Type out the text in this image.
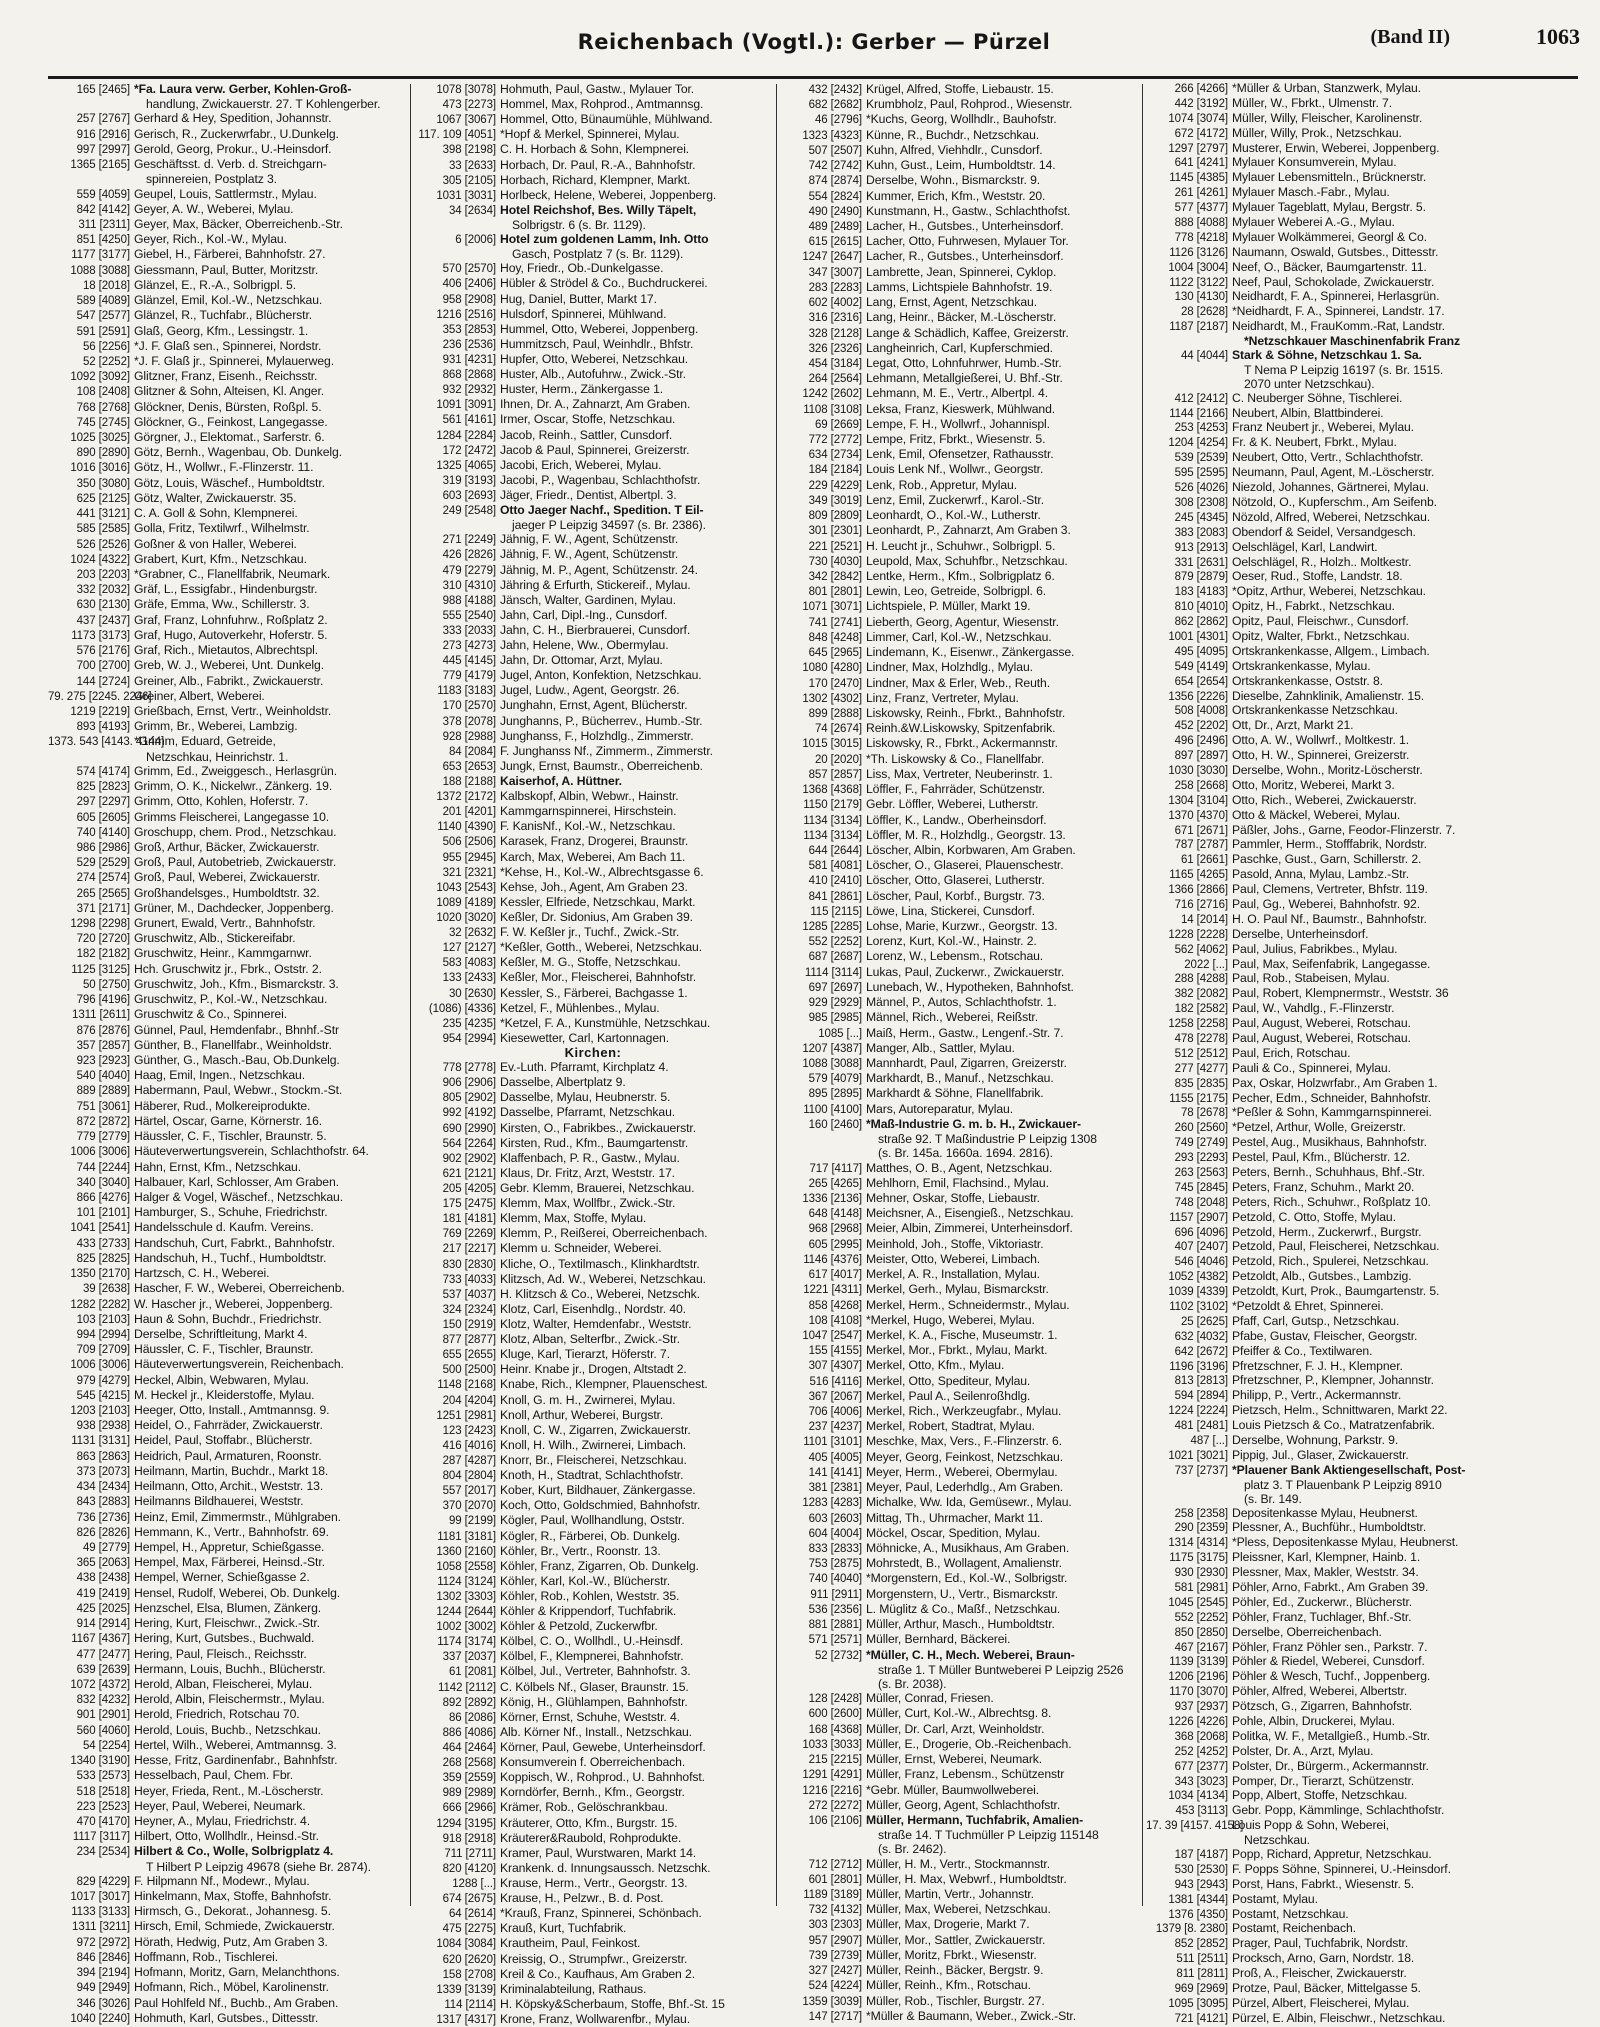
Reichenbach (Vogtl.): Gerber — Pürzel	(Band II)	1063
165 [2465] *Fa. Laura verw. Gerber, Kohlen-Groß-
handlung, Zwickauerstr. 27. T Kohlengerber.
257 [2767] Gerhard & Hey, Spedition, Johannstr.
916 [2916] Gerisch, R., Zuckerwrfabr., U.Dunkelg.
997 [2997] Gerold, Georg, Prokur., U.-Heinsdorf.
1365 [2165] Geschäftsst. d. Verb. d. Streichgarn-
spinnereien, Postplatz 3.
559 [4059] Geupel, Louis, Sattlermstr., Mylau.
842 [4142] Geyer, A. W., Weberei, Mylau.
311 [2311] Geyer, Max, Bäcker, Oberreichenb.-Str.
851 [4250] Geyer, Rich., Kol.-W., Mylau.
1177 [3177] Giebel, H., Färberei, Bahnhofstr. 27.
1088 [3088] Giessmann, Paul, Butter, Moritzstr.
18 [2018] Glänzel, E., R.-A., Solbrigpl. 5.
589 [4089] Glänzel, Emil, Kol.-W., Netzschkau.
547 [2577] Glänzel, R., Tuchfabr., Blücherstr.
591 [2591] Glaß, Georg, Kfm., Lessingstr. 1.
56 [2256] *J. F. Glaß sen., Spinnerei, Nordstr.
52 [2252] *J. F. Glaß jr., Spinnerei, Mylauerweg.
1092 [3092] Glitzner, Franz, Eisenh., Reichsstr.
108 [2408] Glitzner & Sohn, Alteisen, Kl. Anger.
768 [2768] Glöckner, Denis, Bürsten, Roßpl. 5.
745 [2745] Glöckner, G., Feinkost, Langegasse.
1025 [3025] Görgner, J., Elektomat., Sarferstr. 6.
890 [2890] Götz, Bernh., Wagenbau, Ob. Dunkelg.
1016 [3016] Götz, H., Wollwr., F.-Flinzerstr. 11.
350 [3080] Götz, Louis, Wäschef., Humboldtstr.
625 [2125] Götz, Walter, Zwickauerstr. 35.
441 [3121] C. A. Goll & Sohn, Klempnerei.
585 [2585] Golla, Fritz, Textilwrf., Wilhelmstr.
526 [2526] Goßner & von Haller, Weberei.
1024 [4322] Grabert, Kurt, Kfm., Netzschkau.
203 [2203] *Grabner, C., Flanellfabrik, Neumark.
332 [2032] Gräf, L., Essigfabr., Hindenburgstr.
630 [2130] Gräfe, Emma, Ww., Schillerstr. 3.
437 [2437] Graf, Franz, Lohnfuhrw., Roßplatz 2.
1173 [3173] Graf, Hugo, Autoverkehr, Hoferstr. 5.
576 [2176] Graf, Rich., Mietautos, Albrechtspl.
700 [2700] Greb, W. J., Weberei, Unt. Dunkelg.
144 [2724] Greiner, Alb., Fabrikt., Zwickauerstr.
79. 275 [2245. 2246]Greiner, Albert, Weberei.
1219 [2219] Grießbach, Ernst, Vertr., Weinholdstr.
893 [4193] Grimm, Br., Weberei, Lambzig.
1373. 543 [4143. 4144]*Grimm, Eduard, Getreide,
Netzschkau, Heinrichstr. 1.
574 [4174] Grimm, Ed., Zweiggesch., Herlasgrün.
825 [2823] Grimm, O. K., Nickelwr., Zänkerg. 19.
297 [2297] Grimm, Otto, Kohlen, Hoferstr. 7.
605 [2605] Grimms Fleischerei, Langegasse 10.
740 [4140] Groschupp, chem. Prod., Netzschkau.
986 [2986] Groß, Arthur, Bäcker, Zwickauerstr.
529 [2529] Groß, Paul, Autobetrieb, Zwickauerstr.
274 [2574] Groß, Paul, Weberei, Zwickauerstr.
265 [2565] Großhandelsges., Humboldtstr. 32.
371 [2171] Grüner, M., Dachdecker, Joppenberg.
1298 [2298] Grunert, Ewald, Vertr., Bahnhofstr.
720 [2720] Gruschwitz, Alb., Stickereifabr.
182 [2182] Gruschwitz, Heinr., Kammgarnwr.
1125 [3125] Hch. Gruschwitz jr., Fbrk., Oststr. 2.
50 [2750] Gruschwitz, Joh., Kfm., Bismarckstr. 3.
796 [4196] Gruschwitz, P., Kol.-W., Netzschkau.
1311 [2611] Gruschwitz & Co., Spinnerei.
876 [2876] Günnel, Paul, Hemdenfabr., Bhnhf.-Str
357 [2857] Günther, B., Flanellfabr., Weinholdstr.
923 [2923] Günther, G., Masch.-Bau, Ob.Dunkelg.
540 [4040] Haag, Emil, Ingen., Netzschkau.
889 [2889] Habermann, Paul, Webwr., Stockm.-St.
751 [3061] Häberer, Rud., Molkereiprodukte.
872 [2872] Härtel, Oscar, Garne, Körnerstr. 16.
779 [2779] Häussler, C. F., Tischler, Braunstr. 5.
1006 [3006] Häuteverwertungsverein, Schlachthofstr. 64.
744 [2244] Hahn, Ernst, Kfm., Netzschkau.
340 [3040] Halbauer, Karl, Schlosser, Am Graben.
866 [4276] Halger & Vogel, Wäschef., Netzschkau.
101 [2101] Hamburger, S., Schuhe, Friedrichstr.
1041 [2541] Handelsschule d. Kaufm. Vereins.
433 [2733] Handschuh, Curt, Fabrkt., Bahnhofstr.
825 [2825] Handschuh, H., Tuchf., Humboldtstr.
1350 [2170] Hartzsch, C. H., Weberei.
39 [2638] Hascher, F. W., Weberei, Oberreichenb.
1282 [2282] W. Hascher jr., Weberei, Joppenberg.
103 [2103] Haun & Sohn, Buchdr., Friedrichstr.
994 [2994] Derselbe, Schriftleitung, Markt 4.
709 [2709] Häussler, C. F., Tischler, Braunstr.
1006 [3006] Häuteverwertungsverein, Reichenbach.
979 [4279] Heckel, Albin, Webwaren, Mylau.
545 [4215] M. Heckel jr., Kleiderstoffe, Mylau.
1203 [2103] Heeger, Otto, Install., Amtmannsg. 9.
938 [2938] Heidel, O., Fahrräder, Zwickauerstr.
1131 [3131] Heidel, Paul, Stoffabr., Blücherstr.
863 [2863] Heidrich, Paul, Armaturen, Roonstr.
373 [2073] Heilmann, Martin, Buchdr., Markt 18.
434 [2434] Heilmann, Otto, Archit., Weststr. 13.
843 [2883] Heilmanns Bildhauerei, Weststr.
736 [2736] Heinz, Emil, Zimmermstr., Mühlgraben.
826 [2826] Hemmann, K., Vertr., Bahnhofstr. 69.
49 [2779] Hempel, H., Appretur, Schießgasse.
365 [2063] Hempel, Max, Färberei, Heinsd.-Str.
438 [2438] Hempel, Werner, Schießgasse 2.
419 [2419] Hensel, Rudolf, Weberei, Ob. Dunkelg.
425 [2025] Henzschel, Elsa, Blumen, Zänkerg.
914 [2914] Hering, Kurt, Fleischwr., Zwick.-Str.
1167 [4367] Hering, Kurt, Gutsbes., Buchwald.
477 [2477] Hering, Paul, Fleisch., Reichsstr.
639 [2639] Hermann, Louis, Buchh., Blücherstr.
1072 [4372] Herold, Alban, Fleischerei, Mylau.
832 [4232] Herold, Albin, Fleischermstr., Mylau.
901 [2901] Herold, Friedrich, Rotschau 70.
560 [4060] Herold, Louis, Buchb., Netzschkau.
54 [2254] Hertel, Wilh., Weberei, Amtmannsg. 3.
1340 [3190] Hesse, Fritz, Gardinenfabr., Bahnhfstr.
533 [2573] Hesselbach, Paul, Chem. Fbr.
518 [2518] Heyer, Frieda, Rent., M.-Löscherstr.
223 [2523] Heyer, Paul, Weberei, Neumark.
470 [4170] Heyner, A., Mylau, Friedrichstr. 4.
1117 [3117] Hilbert, Otto, Wollhdlr., Heinsd.-Str.
234 [2534] Hilbert & Co., Wolle, Solbrigplatz 4.
T Hilbert P Leipzig 49678 (siehe Br. 2874).
829 [4229] F. Hilpmann Nf., Modewr., Mylau.
1017 [3017] Hinkelmann, Max, Stoffe, Bahnhofstr.
1133 [3133] Hirmsch, G., Dekorat., Johannesg. 5.
1311 [3211] Hirsch, Emil, Schmiede, Zwickauerstr.
972 [2972] Hörath, Hedwig, Putz, Am Graben 3.
846 [2846] Hoffmann, Rob., Tischlerei.
394 [2194] Hofmann, Moritz, Garn, Melanchthons.
949 [2949] Hofmann, Rich., Möbel, Karolinenstr.
346 [3026] Paul Hohlfeld Nf., Buchb., Am Graben.
1040 [2240] Hohmuth, Karl, Gutsbes., Dittesstr.
1078 [3078] Hohmuth, Paul, Gastw., Mylauer Tor.
473 [2273] Hommel, Max, Rohprod., Amtmannsg.
1067 [3067] Hommel, Otto, Bünaumühle, Mühlwand.
117. 109 [4051] *Hopf & Merkel, Spinnerei, Mylau.
398 [2198] C. H. Horbach & Sohn, Klempnerei.
33 [2633] Horbach, Dr. Paul, R.-A., Bahnhofstr.
305 [2105] Horbach, Richard, Klempner, Markt.
1031 [3031] Horlbeck, Helene, Weberei, Joppenberg.
34 [2634] Hotel Reichshof, Bes. Willy Täpelt,
Solbrigstr. 6 (s. Br. 1129).
6 [2006] Hotel zum goldenen Lamm, Inh. Otto
Gasch, Postplatz 7 (s. Br. 1129).
570 [2570] Hoy, Friedr., Ob.-Dunkelgasse.
406 [2406] Hübler & Strödel & Co., Buchdruckerei.
958 [2908] Hug, Daniel, Butter, Markt 17.
1216 [2516] Hulsdorf, Spinnerei, Mühlwand.
353 [2853] Hummel, Otto, Weberei, Joppenberg.
236 [2536] Hummitzsch, Paul, Weinhdlr., Bhfstr.
931 [4231] Hupfer, Otto, Weberei, Netzschkau.
868 [2868] Huster, Alb., Autofuhrw., Zwick.-Str.
932 [2932] Huster, Herm., Zänkergasse 1.
1091 [3091] Ihnen, Dr. A., Zahnarzt, Am Graben.
561 [4161] Irmer, Oscar, Stoffe, Netzschkau.
1284 [2284] Jacob, Reinh., Sattler, Cunsdorf.
172 [2472] Jacob & Paul, Spinnerei, Greizerstr.
1325 [4065] Jacobi, Erich, Weberei, Mylau.
319 [3193] Jacobi, P., Wagenbau, Schlachthofstr.
603 [2693] Jäger, Friedr., Dentist, Albertpl. 3.
249 [2548] Otto Jaeger Nachf., Spedition. T Eil-
jaeger P Leipzig 34597 (s. Br. 2386).
271 [2249] Jähnig, F. W., Agent, Schützenstr.
426 [2826] Jähnig, F. W., Agent, Schützenstr.
479 [2279] Jähnig, M. P., Agent, Schützenstr. 24.
310 [4310] Jähring & Erfurth, Stickereif., Mylau.
988 [4188] Jänsch, Walter, Gardinen, Mylau.
555 [2540] Jahn, Carl, Dipl.-Ing., Cunsdorf.
333 [2033] Jahn, C. H., Bierbrauerei, Cunsdorf.
273 [4273] Jahn, Helene, Ww., Obermylau.
445 [4145] Jahn, Dr. Ottomar, Arzt, Mylau.
779 [4179] Jugel, Anton, Konfektion, Netzschkau.
1183 [3183] Jugel, Ludw., Agent, Georgstr. 26.
170 [2570] Junghahn, Ernst, Agent, Blücherstr.
378 [2078] Junghanns, P., Bücherrev., Humb.-Str.
928 [2988] Junghanss, F., Holzhdlg., Zimmerstr.
84 [2084] F. Junghanss Nf., Zimmerm., Zimmerstr.
653 [2653] Jungk, Ernst, Baumstr., Oberreichenb.
188 [2188] Kaiserhof, A. Hüttner.
1372 [2172] Kalbskopf, Albin, Webwr., Hainstr.
201 [4201] Kammgarnspinnerei, Hirschstein.
1140 [4390] F. KanisNf., Kol.-W., Netzschkau.
506 [2506] Karasek, Franz, Drogerei, Braunstr.
955 [2945] Karch, Max, Weberei, Am Bach 11.
321 [2321] *Kehse, H., Kol.-W., Albrechtsgasse 6.
1043 [2543] Kehse, Joh., Agent, Am Graben 23.
1089 [4189] Kessler, Elfriede, Netzschkau, Markt.
1020 [3020] Keßler, Dr. Sidonius, Am Graben 39.
32 [2632] F. W. Keßler jr., Tuchf., Zwick.-Str.
127 [2127] *Keßler, Gotth., Weberei, Netzschkau.
583 [4083] Keßler, M. G., Stoffe, Netzschkau.
133 [2433] Keßler, Mor., Fleischerei, Bahnhofstr.
30 [2630] Kessler, S., Färberei, Bachgasse 1.
(1086) [4336] Ketzel, F., Mühlenbes., Mylau.
235 [4235] *Ketzel, F. A., Kunstmühle, Netzschkau.
954 [2994] Kiesewetter, Carl, Kartonnagen.
Kirchen:
778 [2778] Ev.-Luth. Pfarramt, Kirchplatz 4.
906 [2906] Dasselbe, Albertplatz 9.
805 [2902] Dasselbe, Mylau, Heubnerstr. 5.
992 [4192] Dasselbe, Pfarramt, Netzschkau.
690 [2990] Kirsten, O., Fabrikbes., Zwickauerstr.
564 [2264] Kirsten, Rud., Kfm., Baumgartenstr.
902 [2902] Klaffenbach, P. R., Gastw., Mylau.
621 [2121] Klaus, Dr. Fritz, Arzt, Weststr. 17.
205 [4205] Gebr. Klemm, Brauerei, Netzschkau.
175 [2475] Klemm, Max, Wollfbr., Zwick.-Str.
181 [4181] Klemm, Max, Stoffe, Mylau.
769 [2269] Klemm, P., Reißerei, Oberreichenbach.
217 [2217] Klemm u. Schneider, Weberei.
830 [2830] Kliche, O., Textilmasch., Klinkhardtstr.
733 [4033] Klitzsch, Ad. W., Weberei, Netzschkau.
537 [4037] H. Klitzsch & Co., Weberei, Netzschk.
324 [2324] Klotz, Carl, Eisenhdlg., Nordstr. 40.
150 [2919] Klotz, Walter, Hemdenfabr., Weststr.
877 [2877] Klotz, Alban, Selterfbr., Zwick.-Str.
655 [2655] Kluge, Karl, Tierarzt, Höferstr. 7.
500 [2500] Heinr. Knabe jr., Drogen, Altstadt 2.
1148 [2168] Knabe, Rich., Klempner, Plauenschest.
204 [4204] Knoll, G. m. H., Zwirnerei, Mylau.
1251 [2981] Knoll, Arthur, Weberei, Burgstr.
123 [2423] Knoll, C. W., Zigarren, Zwickauerstr.
416 [4016] Knoll, H. Wilh., Zwirnerei, Limbach.
287 [4287] Knorr, Br., Fleischerei, Netzschkau.
804 [2804] Knoth, H., Stadtrat, Schlachthofstr.
557 [2017] Kober, Kurt, Bildhauer, Zänkergasse.
370 [2070] Koch, Otto, Goldschmied, Bahnhofstr.
99 [2199] Kögler, Paul, Wollhandlung, Oststr.
1181 [3181] Kögler, R., Färberei, Ob. Dunkelg.
1360 [2160] Köhler, Br., Vertr., Roonstr. 13.
1058 [2558] Köhler, Franz, Zigarren, Ob. Dunkelg.
1124 [3124] Köhler, Karl, Kol.-W., Blücherstr.
1302 [3303] Köhler, Rob., Kohlen, Weststr. 35.
1244 [2644] Köhler & Krippendorf, Tuchfabrik.
1002 [3002] Köhler & Petzold, Zuckerwfbr.
1174 [3174] Kölbel, C. O., Wollhdl., U.-Heinsdf.
337 [2037] Kölbel, F., Klempnerei, Bahnhofstr.
61 [2081] Kölbel, Jul., Vertreter, Bahnhofstr. 3.
1142 [2112] C. Kölbels Nf., Glaser, Braunstr. 15.
892 [2892] König, H., Glühlampen, Bahnhofstr.
86 [2086] Körner, Ernst, Schuhe, Weststr. 4.
886 [4086] Alb. Körner Nf., Install., Netzschkau.
464 [2464] Körner, Paul, Gewebe, Unterheinsdorf.
268 [2568] Konsumverein f. Oberreichenbach.
359 [2559] Koppisch, W., Rohprod., U. Bahnhofst.
989 [2989] Korndörfer, Bernh., Kfm., Georgstr.
666 [2966] Krämer, Rob., Gelöschrankbau.
1294 [3195] Kräuterer, Otto, Kfm., Burgstr. 15.
918 [2918] Kräuterer&Raubold, Rohprodukte.
711 [2711] Kramer, Paul, Wurstwaren, Markt 14.
820 [4120] Krankenk. d. Innungsaussch. Netzschk.
1288 [...] Krause, Herm., Vertr., Georgstr. 13.
674 [2675] Krause, H., Pelzwr., B. d. Post.
64 [2614] *Krauß, Franz, Spinnerei, Schönbach.
475 [2275] Krauß, Kurt, Tuchfabrik.
1084 [3084] Krautheim, Paul, Feinkost.
620 [2620] Kreissig, O., Strumpfwr., Greizerstr.
158 [2708] Kreil & Co., Kaufhaus, Am Graben 2.
1339 [3139] Kriminalabteilung, Rathaus.
114 [2114] H. Köpsky&Scherbaum, Stoffe, Bhf.-St. 15
1317 [4317] Krone, Franz, Wollwarenfbr., Mylau.
432 [2432] Krügel, Alfred, Stoffe, Liebaustr. 15.
682 [2682] Krumbholz, Paul, Rohprod., Wiesenstr.
46 [2796] *Kuchs, Georg, Wollhdlr., Bauhofstr.
1323 [4323] Künne, R., Buchdr., Netzschkau.
507 [2507] Kuhn, Alfred, Viehhdlr., Cunsdorf.
742 [2742] Kuhn, Gust., Leim, Humboldtstr. 14.
874 [2874] Derselbe, Wohn., Bismarckstr. 9.
554 [2824] Kummer, Erich, Kfm., Weststr. 20.
490 [2490] Kunstmann, H., Gastw., Schlachthofst.
489 [2489] Lacher, H., Gutsbes., Unterheinsdorf.
615 [2615] Lacher, Otto, Fuhrwesen, Mylauer Tor.
1247 [2647] Lacher, R., Gutsbes., Unterheinsdorf.
347 [3007] Lambrette, Jean, Spinnerei, Cyklop.
283 [2283] Lamms, Lichtspiele Bahnhofstr. 19.
602 [4002] Lang, Ernst, Agent, Netzschkau.
316 [2316] Lang, Heinr., Bäcker, M.-Löscherstr.
328 [2128] Lange & Schädlich, Kaffee, Greizerstr.
326 [2326] Langheinrich, Carl, Kupferschmied.
454 [3184] Legat, Otto, Lohnfuhrwer, Humb.-Str.
264 [2564] Lehmann, Metallgießerei, U. Bhf.-Str.
1242 [2602] Lehmann, M. E., Vertr., Albertpl. 4.
1108 [3108] Leksa, Franz, Kieswerk, Mühlwand.
69 [2669] Lempe, F. H., Wollwrf., Johannispl.
772 [2772] Lempe, Fritz, Fbrkt., Wiesenstr. 5.
634 [2734] Lenk, Emil, Ofensetzer, Rathausstr.
184 [2184] Louis Lenk Nf., Wollwr., Georgstr.
229 [4229] Lenk, Rob., Appretur, Mylau.
349 [3019] Lenz, Emil, Zuckerwrf., Karol.-Str.
809 [2809] Leonhardt, O., Kol.-W., Lutherstr.
301 [2301] Leonhardt, P., Zahnarzt, Am Graben 3.
221 [2521] H. Leucht jr., Schuhwr., Solbrigpl. 5.
730 [4030] Leupold, Max, Schuhfbr., Netzschkau.
342 [2842] Lentke, Herm., Kfm., Solbrigplatz 6.
801 [2801] Lewin, Leo, Getreide, Solbrigpl. 6.
1071 [3071] Lichtspiele, P. Müller, Markt 19.
741 [2741] Lieberth, Georg, Agentur, Wiesenstr.
848 [4248] Limmer, Carl, Kol.-W., Netzschkau.
645 [2965] Lindemann, K., Eisenwr., Zänkergasse.
1080 [4280] Lindner, Max, Holzhdlg., Mylau.
170 [2470] Lindner, Max & Erler, Web., Reuth.
1302 [4302] Linz, Franz, Vertreter, Mylau.
899 [2888] Liskowsky, Reinh., Fbrkt., Bahnhofstr.
74 [2674] Reinh.&W.Liskowsky, Spitzenfabrik.
1015 [3015] Liskowsky, R., Fbrkt., Ackermannstr.
20 [2020] *Th. Liskowsky & Co., Flanellfabr.
857 [2857] Liss, Max, Vertreter, Neuberinstr. 1.
1368 [4368] Löffler, F., Fahrräder, Schützenstr.
1150 [2179] Gebr. Löffler, Weberei, Lutherstr.
1134 [3134] Löffler, K., Landw., Oberheinsdorf.
1134 [3134] Löffler, M. R., Holzhdlg., Georgstr. 13.
644 [2644] Löscher, Albin, Korbwaren, Am Graben.
581 [4081] Löscher, O., Glaserei, Plauenschestr.
410 [2410] Löscher, Otto, Glaserei, Lutherstr.
841 [2861] Löscher, Paul, Korbf., Burgstr. 73.
115 [2115] Löwe, Lina, Stickerei, Cunsdorf.
1285 [2285] Lohse, Marie, Kurzwr., Georgstr. 13.
552 [2252] Lorenz, Kurt, Kol.-W., Hainstr. 2.
687 [2687] Lorenz, W., Lebensm., Rotschau.
1114 [3114] Lukas, Paul, Zuckerwr., Zwickauerstr.
697 [2697] Lunebach, W., Hypotheken, Bahnhofst.
929 [2929] Männel, P., Autos, Schlachthofstr. 1.
985 [2985] Männel, Rich., Weberei, Reißstr.
1085 [...] Maiß, Herm., Gastw., Lengenf.-Str. 7.
1207 [4387] Manger, Alb., Sattler, Mylau.
1088 [3088] Mannhardt, Paul, Zigarren, Greizerstr.
579 [4079] Markhardt, B., Manuf., Netzschkau.
895 [2895] Markhardt & Söhne, Flanellfabrik.
1100 [4100] Mars, Autoreparatur, Mylau.
160 [2460] *Maß-Industrie G. m. b. H., Zwickauer-
straße 92. T Maßindustrie P Leipzig 1308
(s. Br. 145a. 1660a. 1694. 2816).
717 [4117] Matthes, O. B., Agent, Netzschkau.
265 [4265] Mehlhorn, Emil, Flachsind., Mylau.
1336 [2136] Mehner, Oskar, Stoffe, Liebaustr.
648 [4148] Meichsner, A., Eisengieß., Netzschkau.
968 [2968] Meier, Albin, Zimmerei, Unterheinsdorf.
605 [2995] Meinhold, Joh., Stoffe, Viktoriastr.
1146 [4376] Meister, Otto, Weberei, Limbach.
617 [4017] Merkel, A. R., Installation, Mylau.
1221 [4311] Merkel, Gerh., Mylau, Bismarckstr.
858 [4268] Merkel, Herm., Schneidermstr., Mylau.
108 [4108] *Merkel, Hugo, Weberei, Mylau.
1047 [2547] Merkel, K. A., Fische, Museumstr. 1.
155 [4155] Merkel, Mor., Fbrkt., Mylau, Markt.
307 [4307] Merkel, Otto, Kfm., Mylau.
516 [4116] Merkel, Otto, Spediteur, Mylau.
367 [2067] Merkel, Paul A., Seilenroßhdlg.
706 [4006] Merkel, Rich., Werkzeugfabr., Mylau.
237 [4237] Merkel, Robert, Stadtrat, Mylau.
1101 [3101] Meschke, Max, Vers., F.-Flinzerstr. 6.
405 [4005] Meyer, Georg, Feinkost, Netzschkau.
141 [4141] Meyer, Herm., Weberei, Obermylau.
381 [2381] Meyer, Paul, Lederhdlg., Am Graben.
1283 [4283] Michalke, Ww. Ida, Gemüsewr., Mylau.
603 [2603] Mittag, Th., Uhrmacher, Markt 11.
604 [4004] Möckel, Oscar, Spedition, Mylau.
833 [2833] Möhnicke, A., Musikhaus, Am Graben.
753 [2875] Mohrstedt, B., Wollagent, Amalienstr.
740 [4040] *Morgenstern, Ed., Kol.-W., Solbrigstr.
911 [2911] Morgenstern, U., Vertr., Bismarckstr.
536 [2356] L. Müglitz & Co., Maßf., Netzschkau.
881 [2881] Müller, Arthur, Masch., Humboldtstr.
571 [2571] Müller, Bernhard, Bäckerei.
52 [2732] *Müller, C. H., Mech. Weberei, Braun-
straße 1. T Müller Buntweberei P Leipzig 2526
(s. Br. 2038).
128 [2428] Müller, Conrad, Friesen.
600 [2600] Müller, Curt, Kol.-W., Albrechtsg. 8.
168 [4368] Müller, Dr. Carl, Arzt, Weinholdstr.
1033 [3033] Müller, E., Drogerie, Ob.-Reichenbach.
215 [2215] Müller, Ernst, Weberei, Neumark.
1291 [4291] Müller, Franz, Lebensm., Schützenstr
1216 [2216] *Gebr. Müller, Baumwollweberei.
272 [2272] Müller, Georg, Agent, Schlachthofstr.
106 [2106] Müller, Hermann, Tuchfabrik, Amalien-
straße 14. T Tuchmüller P Leipzig 115148
(s. Br. 2462).
712 [2712] Müller, H. M., Vertr., Stockmannstr.
601 [2801] Müller, H. Max, Webwrf., Humboldtstr.
1189 [3189] Müller, Martin, Vertr., Johannstr.
732 [4132] Müller, Max, Weberei, Netzschkau.
303 [2303] Müller, Max, Drogerie, Markt 7.
957 [2907] Müller, Mor., Sattler, Zwickauerstr.
739 [2739] Müller, Moritz, Fbrkt., Wiesenstr.
327 [2427] Müller, Reinh., Bäcker, Bergstr. 9.
524 [4224] Müller, Reinh., Kfm., Rotschau.
1359 [3039] Müller, Rob., Tischler, Burgstr. 27.
147 [2717] *Müller & Baumann, Weber., Zwick.-Str.
266 [4266] *Müller & Urban, Stanzwerk, Mylau.
442 [3192] Müller, W., Fbrkt., Ulmenstr. 7.
1074 [3074] Müller, Willy, Fleischer, Karolinenstr.
672 [4172] Müller, Willy, Prok., Netzschkau.
1297 [2797] Musterer, Erwin, Weberei, Joppenberg.
641 [4241] Mylauer Konsumverein, Mylau.
1145 [4385] Mylauer Lebensmitteln., Brücknerstr.
261 [4261] Mylauer Masch.-Fabr., Mylau.
577 [4377] Mylauer Tageblatt, Mylau, Bergstr. 5.
888 [4088] Mylauer Weberei A.-G., Mylau.
778 [4218] Mylauer Wolkämmerei, Georgl & Co.
1126 [3126] Naumann, Oswald, Gutsbes., Dittesstr.
1004 [3004] Neef, O., Bäcker, Baumgartenstr. 11.
1122 [3122] Neef, Paul, Schokolade, Zwickauerstr.
130 [4130] Neidhardt, F. A., Spinnerei, Herlasgrün.
28 [2628] *Neidhardt, F. A., Spinnerei, Landstr. 17.
1187 [2187] Neidhardt, M., FrauKomm.-Rat, Landstr.
*Netzschkauer Maschinenfabrik Franz
44 [4044] Stark & Söhne, Netzschkau 1. Sa.
T Nema P Leipzig 16197 (s. Br. 1515.
2070 unter Netzschkau).
412 [2412] C. Neuberger Söhne, Tischlerei.
1144 [2166] Neubert, Albin, Blattbinderei.
253 [4253] Franz Neubert jr., Weberei, Mylau.
1204 [4254] Fr. & K. Neubert, Fbrkt., Mylau.
539 [2539] Neubert, Otto, Vertr., Schlachthofstr.
595 [2595] Neumann, Paul, Agent, M.-Löscherstr.
526 [4026] Niezold, Johannes, Gärtnerei, Mylau.
308 [2308] Nötzold, O., Kupferschm., Am Seifenb.
245 [4345] Nözold, Alfred, Weberei, Netzschkau.
383 [2083] Obendorf & Seidel, Versandgesch.
913 [2913] Oelschlägel, Karl, Landwirt.
331 [2631] Oelschlägel, R., Holzh.. Moltkestr.
879 [2879] Oeser, Rud., Stoffe, Landstr. 18.
183 [4183] *Opitz, Arthur, Weberei, Netzschkau.
810 [4010] Opitz, H., Fabrkt., Netzschkau.
862 [2862] Opitz, Paul, Fleischwr., Cunsdorf.
1001 [4301] Opitz, Walter, Fbrkt., Netzschkau.
495 [4095] Ortskrankenkasse, Allgem., Limbach.
549 [4149] Ortskrankenkasse, Mylau.
654 [2654] Ortskrankenkasse, Oststr. 8.
1356 [2226] Dieselbe, Zahnklinik, Amalienstr. 15.
508 [4008] Ortskrankenkasse Netzschkau.
452 [2202] Ott, Dr., Arzt, Markt 21.
496 [2496] Otto, A. W., Wollwrf., Moltkestr. 1.
897 [2897] Otto, H. W., Spinnerei, Greizerstr.
1030 [3030] Derselbe, Wohn., Moritz-Löscherstr.
258 [2668] Otto, Moritz, Weberei, Markt 3.
1304 [3104] Otto, Rich., Weberei, Zwickauerstr.
1370 [4370] Otto & Mäckel, Weberei, Mylau.
671 [2671] Päßler, Johs., Garne, Feodor-Flinzerstr. 7.
787 [2787] Pammler, Herm., Stofffabrik, Nordstr.
61 [2661] Paschke, Gust., Garn, Schillerstr. 2.
1165 [4265] Pasold, Anna, Mylau, Lambz.-Str.
1366 [2866] Paul, Clemens, Vertreter, Bhfstr. 119.
716 [2716] Paul, Gg., Weberei, Bahnhofstr. 92.
14 [2014] H. O. Paul Nf., Baumstr., Bahnhofstr.
1228 [2228] Derselbe, Unterheinsdorf.
562 [4062] Paul, Julius, Fabrikbes., Mylau.
2022 [...] Paul, Max, Seifenfabrik, Langegasse.
288 [4288] Paul, Rob., Stabeisen, Mylau.
382 [2082] Paul, Robert, Klempnermstr., Weststr. 36
182 [2582] Paul, W., Vahdlg., F.-Flinzerstr.
1258 [2258] Paul, August, Weberei, Rotschau.
478 [2278] Paul, August, Weberei, Rotschau.
512 [2512] Paul, Erich, Rotschau.
277 [4277] Pauli & Co., Spinnerei, Mylau.
835 [2835] Pax, Oskar, Holzwrfabr., Am Graben 1.
1155 [2175] Pecher, Edm., Schneider, Bahnhofstr.
78 [2678] *Peßler & Sohn, Kammgarnspinnerei.
260 [2560] *Petzel, Arthur, Wolle, Greizerstr.
749 [2749] Pestel, Aug., Musikhaus, Bahnhofstr.
293 [2293] Pestel, Paul, Kfm., Blücherstr. 12.
263 [2563] Peters, Bernh., Schuhhaus, Bhf.-Str.
745 [2845] Peters, Franz, Schuhm., Markt 20.
748 [2048] Peters, Rich., Schuhwr., Roßplatz 10.
1157 [2907] Petzold, C. Otto, Stoffe, Mylau.
696 [4096] Petzold, Herm., Zuckerwrf., Burgstr.
407 [2407] Petzold, Paul, Fleischerei, Netzschkau.
546 [4046] Petzold, Rich., Spulerei, Netzschkau.
1052 [4382] Petzoldt, Alb., Gutsbes., Lambzig.
1039 [4339] Petzoldt, Kurt, Prok., Baumgartenstr. 5.
1102 [3102] *Petzoldt & Ehret, Spinnerei.
25 [2625] Pfaff, Carl, Gutsp., Netzschkau.
632 [4032] Pfabe, Gustav, Fleischer, Georgstr.
642 [2672] Pfeiffer & Co., Textilwaren.
1196 [3196] Pfretzschner, F. J. H., Klempner.
813 [2813] Pfretzschner, P., Klempner, Johannstr.
594 [2894] Philipp, P., Vertr., Ackermannstr.
1224 [2224] Pietzsch, Helm., Schnittwaren, Markt 22.
481 [2481] Louis Pietzsch & Co., Matratzenfabrik.
487 [...] Derselbe, Wohnung, Parkstr. 9.
1021 [3021] Pippig, Jul., Glaser, Zwickauerstr.
737 [2737] *Plauener Bank Aktiengesellschaft, Post-
platz 3. T Plauenbank P Leipzig 8910
(s. Br. 149.
258 [2358] Depositenkasse Mylau, Heubnerst.
290 [2359] Plessner, A., Buchführ., Humboldtstr.
1314 [4314] *Pless, Depositenkasse Mylau, Heubnerst.
1175 [3175] Pleissner, Karl, Klempner, Hainb. 1.
930 [2930] Plessner, Max, Makler, Weststr. 34.
581 [2981] Pöhler, Arno, Fabrkt., Am Graben 39.
1045 [2545] Pöhler, Ed., Zuckerwr., Blücherstr.
552 [2252] Pöhler, Franz, Tuchlager, Bhf.-Str.
850 [2850] Derselbe, Oberreichenbach.
467 [2167] Pöhler, Franz Pöhler sen., Parkstr. 7.
1139 [3139] Pöhler & Riedel, Weberei, Cunsdorf.
1206 [2196] Pöhler & Wesch, Tuchf., Joppenberg.
1170 [3070] Pöhler, Alfred, Weberei, Albertstr.
937 [2937] Pötzsch, G., Zigarren, Bahnhofstr.
1226 [4226] Pohle, Albin, Druckerei, Mylau.
368 [2068] Politka, W. F., Metallgieß., Humb.-Str.
252 [4252] Polster, Dr. A., Arzt, Mylau.
677 [2377] Polster, Dr., Bürgerm., Ackermannstr.
343 [3023] Pomper, Dr., Tierarzt, Schützenstr.
1034 [4134] Popp, Albert, Stoffe, Netzschkau.
453 [3113] Gebr. Popp, Kämmlinge, Schlachthofstr.
17. 39 [4157. 4158]Louis Popp & Sohn, Weberei,
Netzschkau.
187 [4187] Popp, Richard, Appretur, Netzschkau.
530 [2530] F. Popps Söhne, Spinnerei, U.-Heinsdorf.
943 [2943] Porst, Hans, Fabrkt., Wiesenstr. 5.
1381 [4344] Postamt, Mylau.
1376 [4350] Postamt, Netzschkau.
1379 [8. 2380] Postamt, Reichenbach.
852 [2852] Prager, Paul, Tuchfabrik, Nordstr.
511 [2511] Procksch, Arno, Garn, Nordstr. 18.
811 [2811] Proß, A., Fleischer, Zwickauerstr.
969 [2969] Protze, Paul, Bäcker, Mittelgasse 5.
1095 [3095] Pürzel, Albert, Fleischerei, Mylau.
721 [4121] Pürzel, E. Albin, Fleischwr., Netzschkau.
